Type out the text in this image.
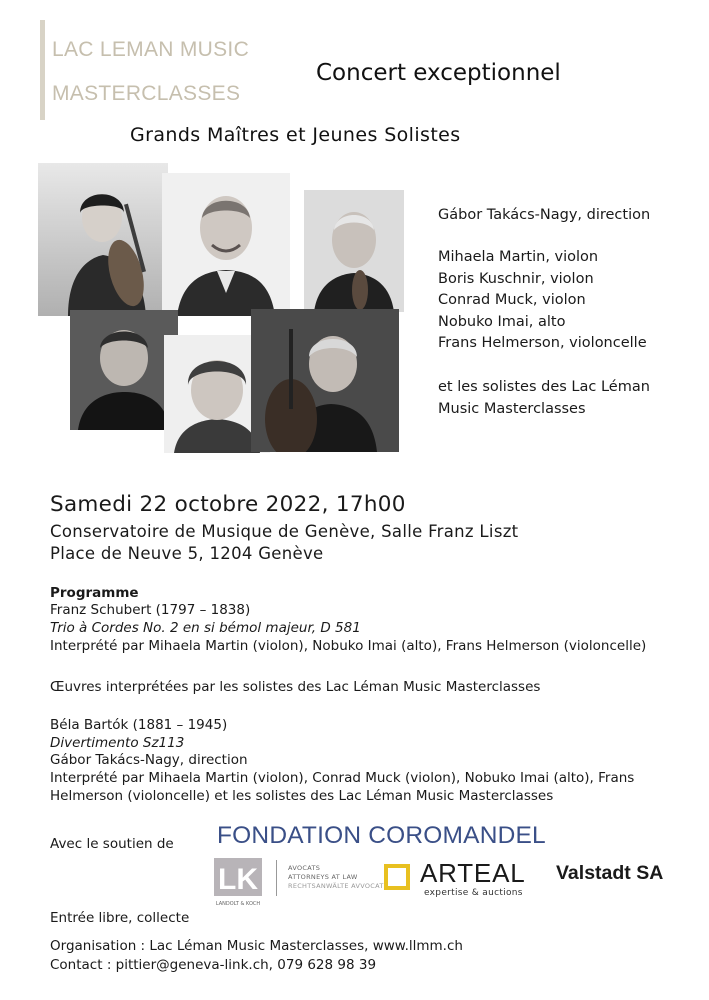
LAC LEMAN MUSIC
MASTERCLASSES
Concert exceptionnel
Grands Maîtres et Jeunes Solistes
Gábor Takács-Nagy, direction
Mihaela Martin, violon
Boris Kuschnir, violon
Conrad Muck, violon
Nobuko Imai, alto
Frans Helmerson, violoncelle
et les solistes des Lac Léman
Music Masterclasses
Samedi 22 octobre 2022, 17h00
Conservatoire de Musique de Genève, Salle Franz Liszt
Place de Neuve 5, 1204 Genève
Programme
Franz Schubert (1797 – 1838)
Trio à Cordes No. 2 en si bémol majeur, D 581
Interprété par Mihaela Martin (violon), Nobuko Imai (alto), Frans Helmerson (violoncelle)
Œuvres interprétées par les solistes des Lac Léman Music Masterclasses
Béla Bartók (1881 – 1945)
Divertimento Sz113
Gábor Takács-Nagy, direction
Interprété par Mihaela Martin (violon), Conrad Muck (violon), Nobuko Imai (alto), Frans
Helmerson (violoncelle) et les solistes des Lac Léman Music Masterclasses
Avec le soutien de FONDATION COROMANDEL
LK
LANDOLT & KOCH
AVOCATS
ATTORNEYS AT LAW
RECHTSANWÄLTE AVVOCATI ARTEAL
expertise & auctions
Valstadt SA
Entrée libre, collecte
Organisation : Lac Léman Music Masterclasses, www.llmm.ch
Contact : pittier@geneva-link.ch, 079 628 98 39
